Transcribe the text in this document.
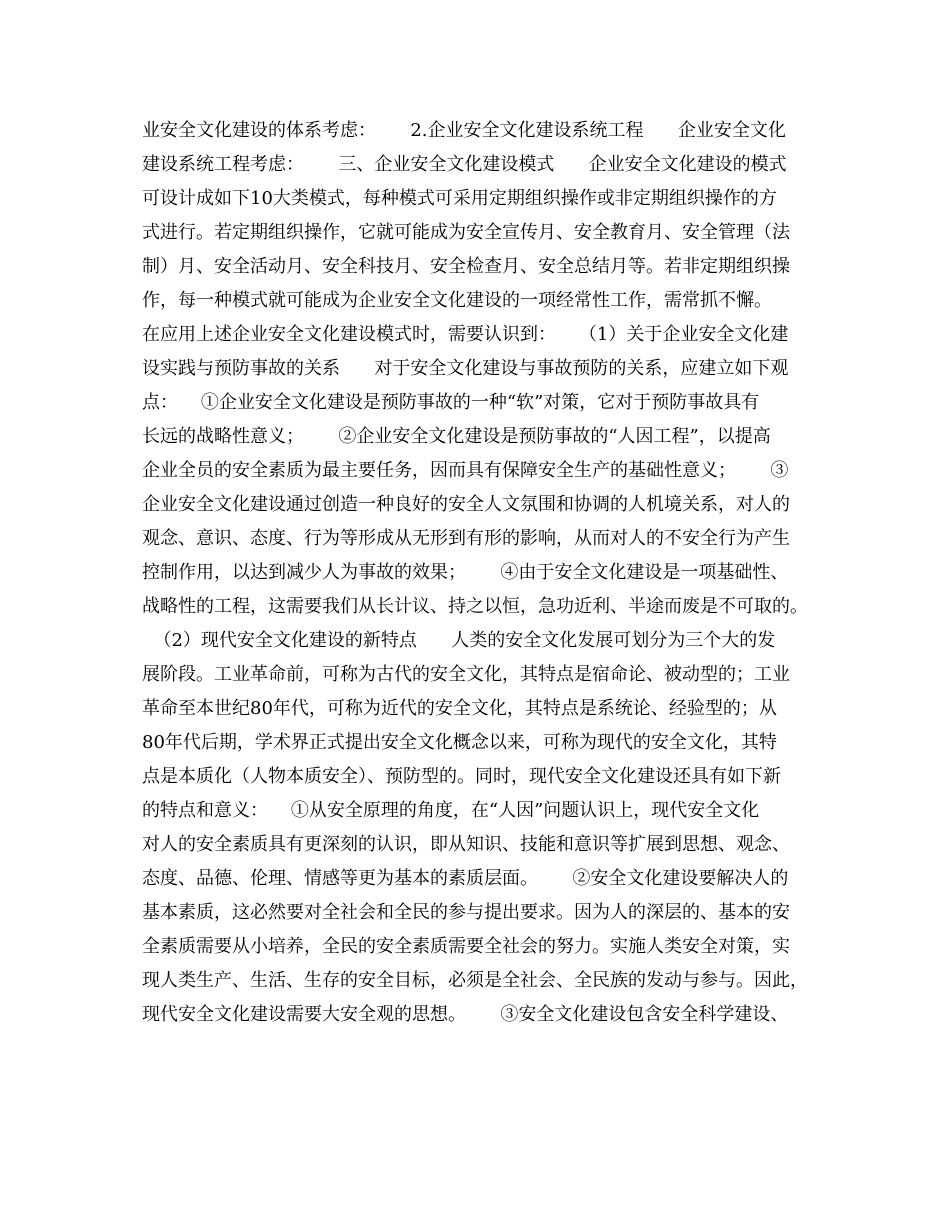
业安全文化建设的体系考虑：      2.企业安全文化建设系统工程      企业安全文化
建设系统工程考虑：      三、企业安全文化建设模式      企业安全文化建设的模式
可设计成如下10大类模式，每种模式可采用定期组织操作或非定期组织操作的方
式进行。若定期组织操作，它就可能成为安全宣传月、安全教育月、安全管理（法
制）月、安全活动月、安全科技月、安全检查月、安全总结月等。若非定期组织操
作，每一种模式就可能成为企业安全文化建设的一项经常性工作，需常抓不懈。
在应用上述企业安全文化建设模式时，需要认识到：    （1）关于企业安全文化建
设实践与预防事故的关系      对于安全文化建设与事故预防的关系，应建立如下观
点：    ①企业安全文化建设是预防事故的一种“软”对策，它对于预防事故具有
长远的战略性意义；      ②企业安全文化建设是预防事故的“人因工程”，以提高
企业全员的安全素质为最主要任务，因而具有保障安全生产的基础性意义；      ③
企业安全文化建设通过创造一种良好的安全人文氛围和协调的人机境关系，对人的
观念、意识、态度、行为等形成从无形到有形的影响，从而对人的不安全行为产生
控制作用，以达到减少人为事故的效果；      ④由于安全文化建设是一项基础性、
战略性的工程，这需要我们从长计议、持之以恒，急功近利、半途而废是不可取的。
（2）现代安全文化建设的新特点      人类的安全文化发展可划分为三个大的发
展阶段。工业革命前，可称为古代的安全文化，其特点是宿命论、被动型的；工业
革命至本世纪80年代，可称为近代的安全文化，其特点是系统论、经验型的；从
80年代后期，学术界正式提出安全文化概念以来，可称为现代的安全文化，其特
点是本质化（人物本质安全）、预防型的。同时，现代安全文化建设还具有如下新
的特点和意义：    ①从安全原理的角度，在“人因”问题认识上，现代安全文化
对人的安全素质具有更深刻的认识，即从知识、技能和意识等扩展到思想、观念、
态度、品德、伦理、情感等更为基本的素质层面。      ②安全文化建设要解决人的
基本素质，这必然要对全社会和全民的参与提出要求。因为人的深层的、基本的安
全素质需要从小培养，全民的安全素质需要全社会的努力。实施人类安全对策，实
现人类生产、生活、生存的安全目标，必须是全社会、全民族的发动与参与。因此，
现代安全文化建设需要大安全观的思想。      ③安全文化建设包含安全科学建设、
